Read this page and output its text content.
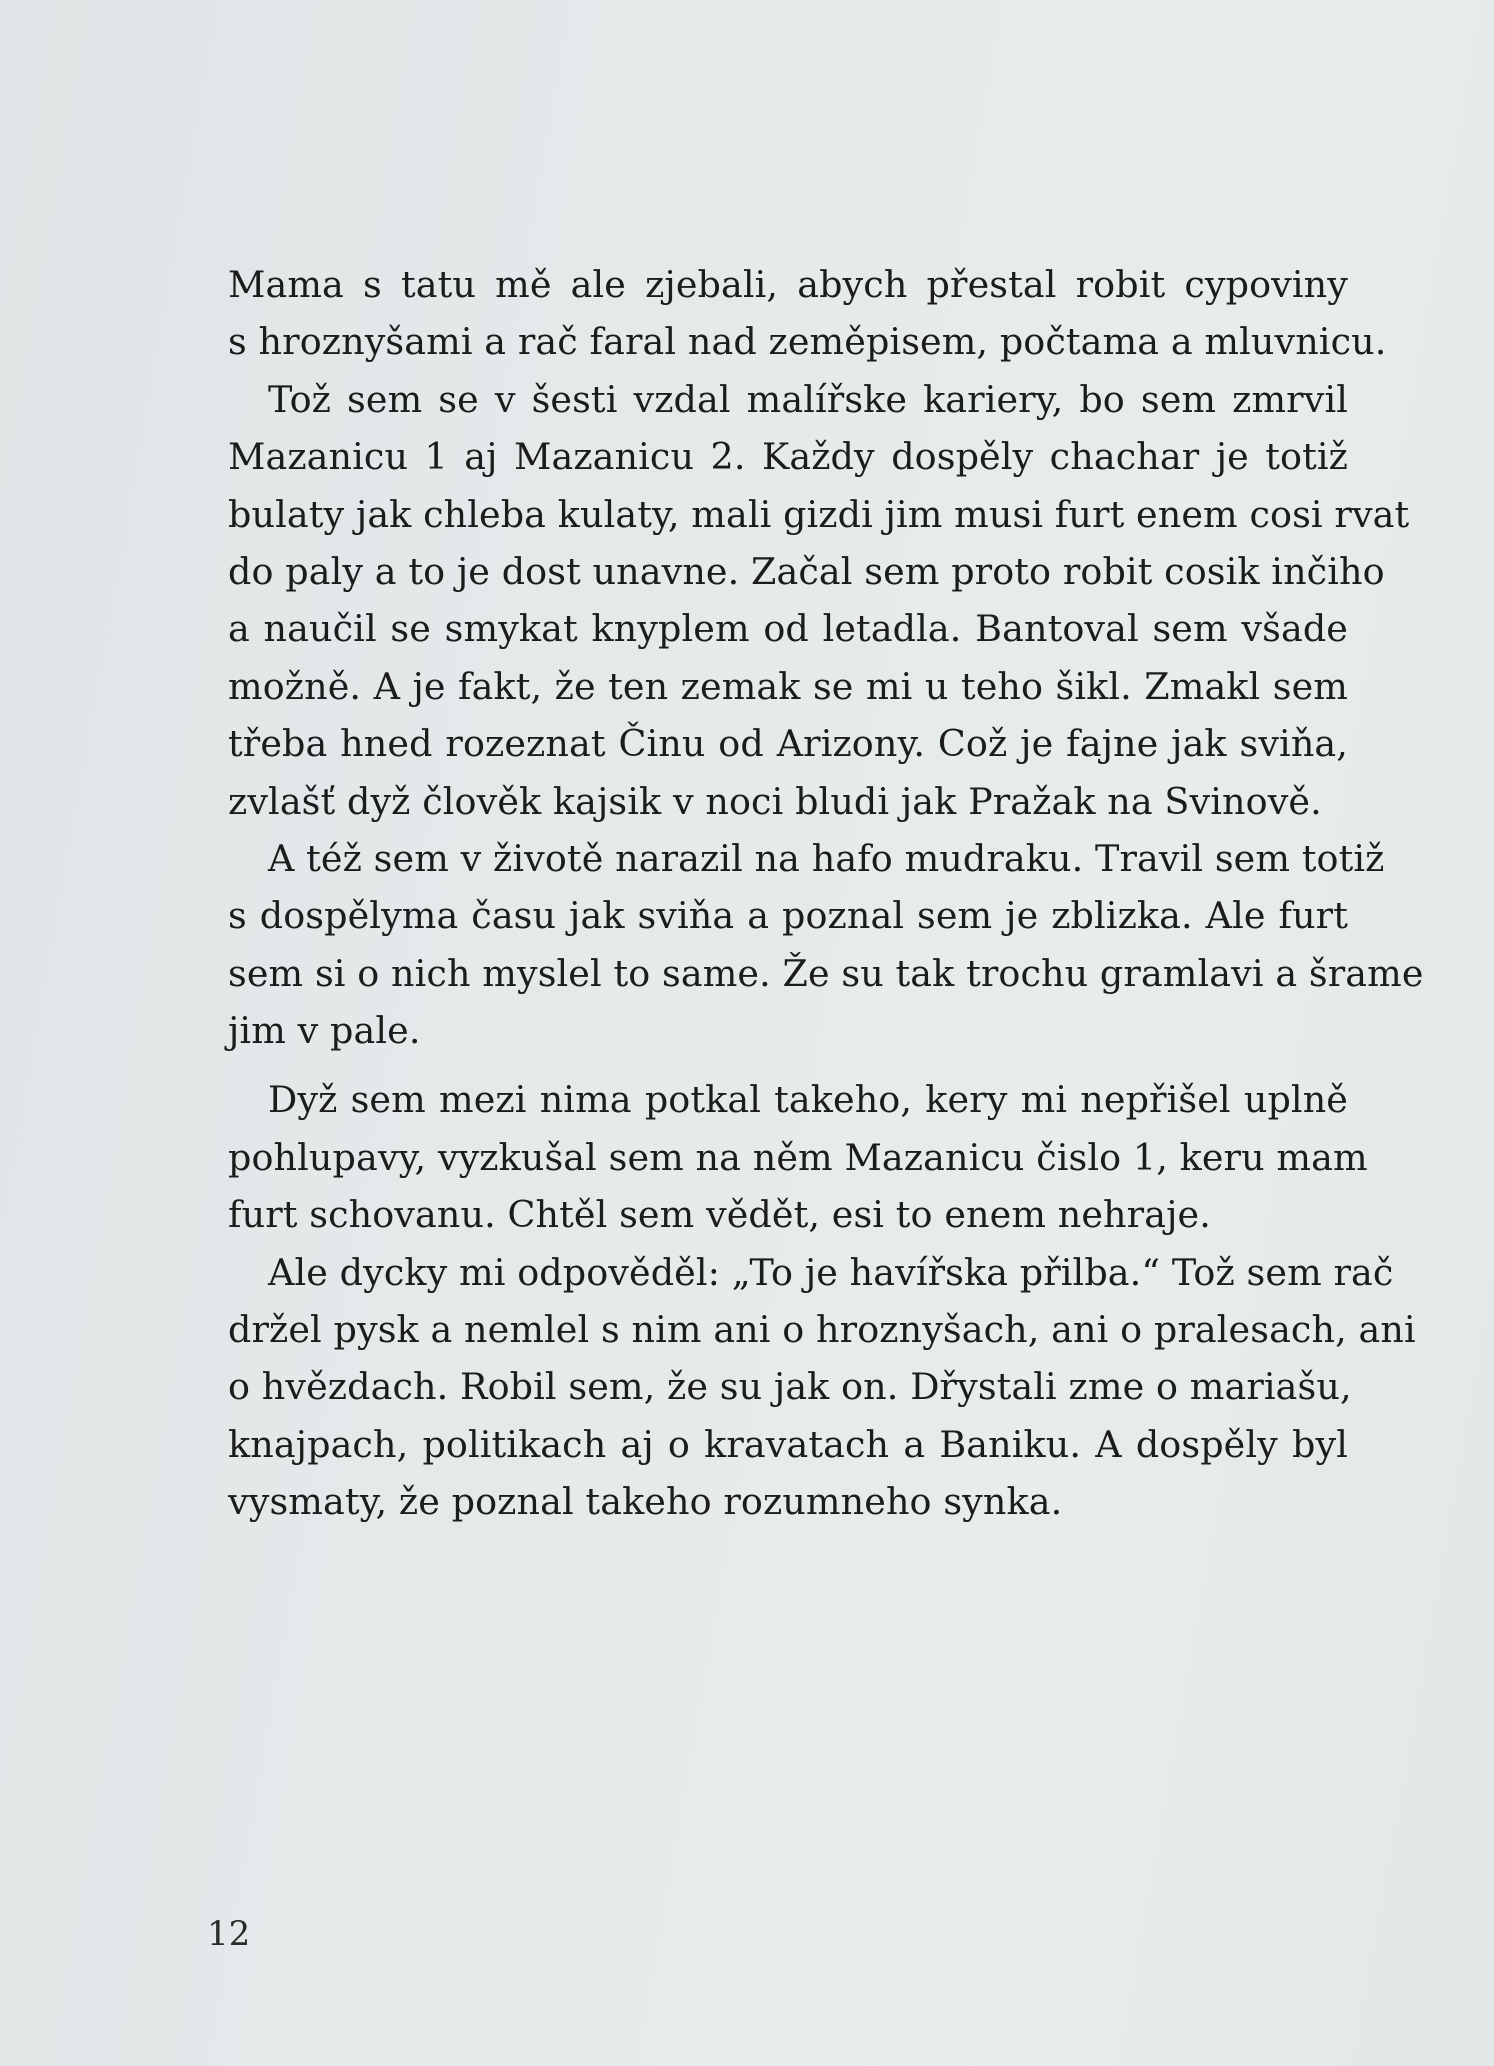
Mama s tatu mě ale zjebali, abych přestal robit cypoviny
s hroznyšami a rač faral nad zeměpisem, počtama a mluvnicu.
Tož sem se v šesti vzdal malířske kariery, bo sem zmrvil
Mazanicu 1 aj Mazanicu 2. Každy dospěly chachar je totiž
bulaty jak chleba kulaty, mali gizdi jim musi furt enem cosi rvat
do paly a to je dost unavne. Začal sem proto robit cosik inčiho
a naučil se smykat knyplem od letadla. Bantoval sem všade
možně. A je fakt, že ten zemak se mi u teho šikl. Zmakl sem
třeba hned rozeznat Činu od Arizony. Což je fajne jak sviňa,
zvlašť dyž člověk kajsik v noci bludi jak Pražak na Svinově.
A též sem v životě narazil na hafo mudraku. Travil sem totiž
s dospělyma času jak sviňa a poznal sem je zblizka. Ale furt
sem si o nich myslel to same. Že su tak trochu gramlavi a šrame
jim v pale.
Dyž sem mezi nima potkal takeho, kery mi nepřišel uplně
pohlupavy, vyzkušal sem na něm Mazanicu čislo 1, keru mam
furt schovanu. Chtěl sem vědět, esi to enem nehraje.
Ale dycky mi odpověděl: „To je havířska přilba.“ Tož sem rač
držel pysk a nemlel s nim ani o hroznyšach, ani o pralesach, ani
o hvězdach. Robil sem, že su jak on. Dřystali zme o mariašu,
knajpach, politikach aj o kravatach a Baniku. A dospěly byl
vysmaty, že poznal takeho rozumneho synka.
12
